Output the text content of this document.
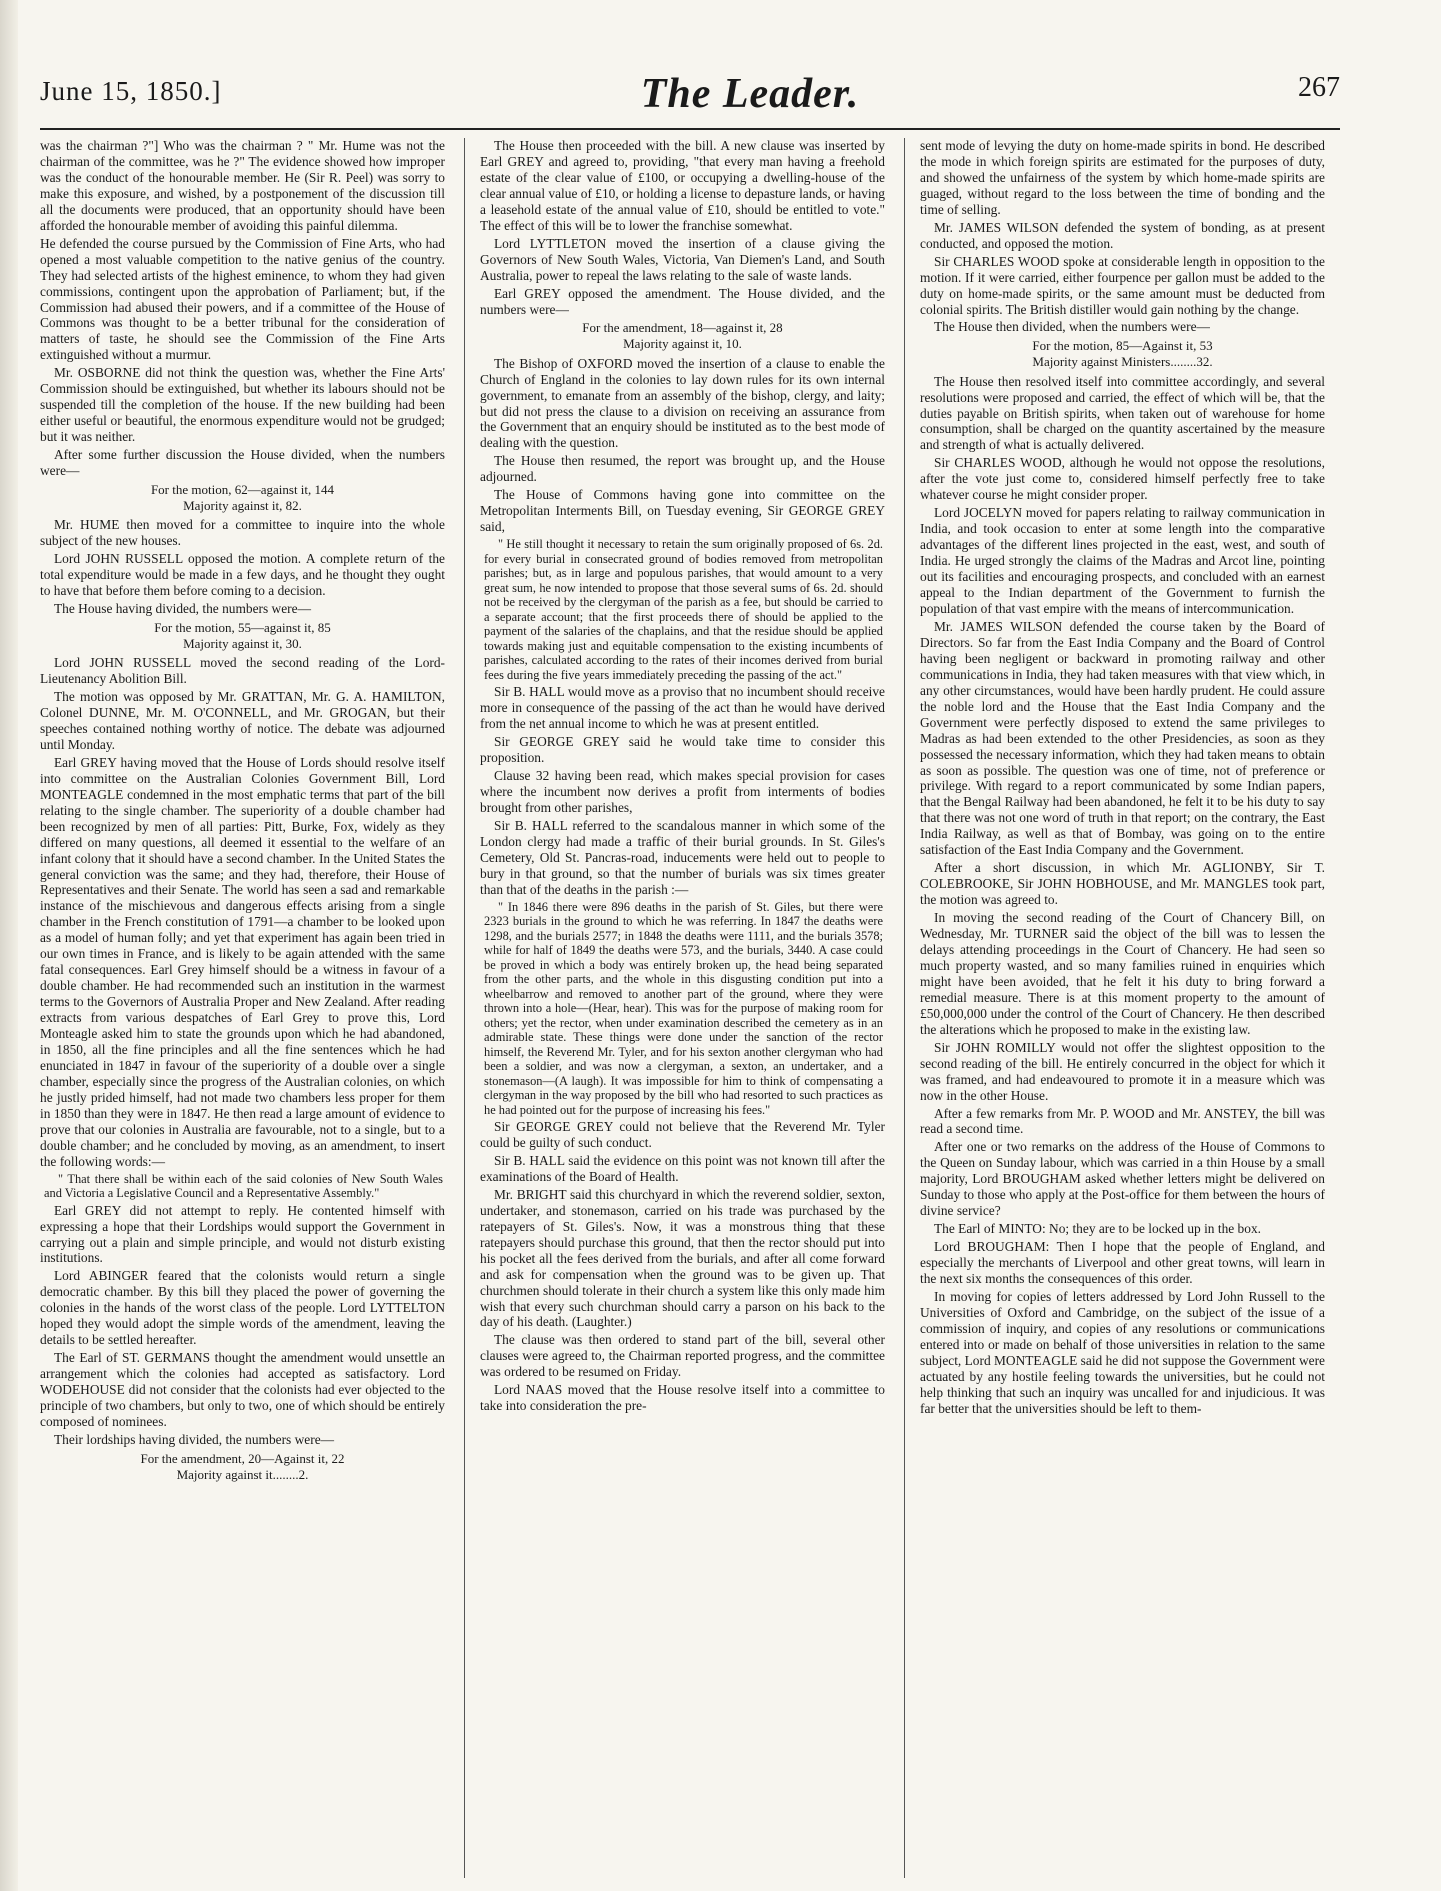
June 15, 1850.]	The Leader.	267

was the chairman ?"] Who was the chairman ? " Mr. Hume was not the chairman of the committee, was he ?" The evidence showed how improper was the conduct of the honourable member. He (Sir R. Peel) was sorry to make this exposure, and wished, by a postponement of the discussion till all the documents were produced, that an opportunity should have been afforded the honourable member of avoiding this painful dilemma.

He defended the course pursued by the Commission of Fine Arts, who had opened a most valuable competition to the native genius of the country. They had selected artists of the highest eminence, to whom they had given commissions, contingent upon the approbation of Parliament; but, if the Commission had abused their powers, and if a committee of the House of Commons was thought to be a better tribunal for the consideration of matters of taste, he should see the Commission of the Fine Arts extinguished without a murmur.

Mr. OSBORNE did not think the question was, whether the Fine Arts' Commission should be extinguished, but whether its labours should not be suspended till the completion of the house. If the new building had been either useful or beautiful, the enormous expenditure would not be grudged; but it was neither.

After some further discussion the House divided, when the numbers were—

For the motion, 62—against it, 144
Majority against it, 82.

Mr. HUME then moved for a committee to inquire into the whole subject of the new houses.

Lord JOHN RUSSELL opposed the motion. A complete return of the total expenditure would be made in a few days, and he thought they ought to have that before them before coming to a decision.

The House having divided, the numbers were—

For the motion, 55—against it, 85
Majority against it, 30.

Lord JOHN RUSSELL moved the second reading of the Lord-Lieutenancy Abolition Bill.

The motion was opposed by Mr. GRATTAN, Mr. G. A. HAMILTON, Colonel DUNNE, Mr. M. O'CONNELL, and Mr. GROGAN, but their speeches contained nothing worthy of notice. The debate was adjourned until Monday.

Earl GREY having moved that the House of Lords should resolve itself into committee on the Australian Colonies Government Bill, Lord MONTEAGLE condemned in the most emphatic terms that part of the bill relating to the single chamber. The superiority of a double chamber had been recognized by men of all parties: Pitt, Burke, Fox, widely as they differed on many questions, all deemed it essential to the welfare of an infant colony that it should have a second chamber. In the United States the general conviction was the same; and they had, therefore, their House of Representatives and their Senate. The world has seen a sad and remarkable instance of the mischievous and dangerous effects arising from a single chamber in the French constitution of 1791—a chamber to be looked upon as a model of human folly; and yet that experiment has again been tried in our own times in France, and is likely to be again attended with the same fatal consequences. Earl Grey himself should be a witness in favour of a double chamber. He had recommended such an institution in the warmest terms to the Governors of Australia Proper and New Zealand. After reading extracts from various despatches of Earl Grey to prove this, Lord Monteagle asked him to state the grounds upon which he had abandoned, in 1850, all the fine principles and all the fine sentences which he had enunciated in 1847 in favour of the superiority of a double over a single chamber, especially since the progress of the Australian colonies, on which he justly prided himself, had not made two chambers less proper for them in 1850 than they were in 1847. He then read a large amount of evidence to prove that our colonies in Australia are favourable, not to a single, but to a double chamber; and he concluded by moving, as an amendment, to insert the following words:—

" That there shall be within each of the said colonies of New South Wales and Victoria a Legislative Council and a Representative Assembly."

Earl GREY did not attempt to reply. He contented himself with expressing a hope that their Lordships would support the Government in carrying out a plain and simple principle, and would not disturb existing institutions.

Lord ABINGER feared that the colonists would return a single democratic chamber. By this bill they placed the power of governing the colonies in the hands of the worst class of the people. Lord LYTTELTON hoped they would adopt the simple words of the amendment, leaving the details to be settled hereafter.

The Earl of ST. GERMANS thought the amendment would unsettle an arrangement which the colonies had accepted as satisfactory. Lord WODEHOUSE did not consider that the colonists had ever objected to the principle of two chambers, but only to two, one of which should be entirely composed of nominees.

Their lordships having divided, the numbers were—

For the amendment, 20—Against it, 22
Majority against it........2.

The House then proceeded with the bill. A new clause was inserted by Earl GREY and agreed to, providing, "that every man having a freehold estate of the clear value of £100, or occupying a dwelling-house of the clear annual value of £10, or holding a license to depasture lands, or having a leasehold estate of the annual value of £10, should be entitled to vote." The effect of this will be to lower the franchise somewhat.

Lord LYTTLETON moved the insertion of a clause giving the Governors of New South Wales, Victoria, Van Diemen's Land, and South Australia, power to repeal the laws relating to the sale of waste lands.

Earl GREY opposed the amendment. The House divided, and the numbers were—

For the amendment, 18—against it, 28
Majority against it, 10.

The Bishop of OXFORD moved the insertion of a clause to enable the Church of England in the colonies to lay down rules for its own internal government, to emanate from an assembly of the bishop, clergy, and laity; but did not press the clause to a division on receiving an assurance from the Government that an enquiry should be instituted as to the best mode of dealing with the question.

The House then resumed, the report was brought up, and the House adjourned.

The House of Commons having gone into committee on the Metropolitan Interments Bill, on Tuesday evening, Sir GEORGE GREY said,

" He still thought it necessary to retain the sum originally proposed of 6s. 2d. for every burial in consecrated ground of bodies removed from metropolitan parishes; but, as in large and populous parishes, that would amount to a very great sum, he now intended to propose that those several sums of 6s. 2d. should not be received by the clergyman of the parish as a fee, but should be carried to a separate account; that the first proceeds there of should be applied to the payment of the salaries of the chaplains, and that the residue should be applied towards making just and equitable compensation to the existing incumbents of parishes, calculated according to the rates of their incomes derived from burial fees during the five years immediately preceding the passing of the act."

Sir B. HALL would move as a proviso that no incumbent should receive more in consequence of the passing of the act than he would have derived from the net annual income to which he was at present entitled.

Sir GEORGE GREY said he would take time to consider this proposition.

Clause 32 having been read, which makes special provision for cases where the incumbent now derives a profit from interments of bodies brought from other parishes,

Sir B. HALL referred to the scandalous manner in which some of the London clergy had made a traffic of their burial grounds. In St. Giles's Cemetery, Old St. Pancras-road, inducements were held out to people to bury in that ground, so that the number of burials was six times greater than that of the deaths in the parish :—

" In 1846 there were 896 deaths in the parish of St. Giles, but there were 2323 burials in the ground to which he was referring. In 1847 the deaths were 1298, and the burials 2577; in 1848 the deaths were 1111, and the burials 3578; while for half of 1849 the deaths were 573, and the burials, 3440. A case could be proved in which a body was entirely broken up, the head being separated from the other parts, and the whole in this disgusting condition put into a wheelbarrow and removed to another part of the ground, where they were thrown into a hole—(Hear, hear). This was for the purpose of making room for others; yet the rector, when under examination described the cemetery as in an admirable state. These things were done under the sanction of the rector himself, the Reverend Mr. Tyler, and for his sexton another clergyman who had been a soldier, and was now a clergyman, a sexton, an undertaker, and a stonemason—(A laugh). It was impossible for him to think of compensating a clergyman in the way proposed by the bill who had resorted to such practices as he had pointed out for the purpose of increasing his fees."

Sir GEORGE GREY could not believe that the Reverend Mr. Tyler could be guilty of such conduct.

Sir B. HALL said the evidence on this point was not known till after the examinations of the Board of Health.

Mr. BRIGHT said this churchyard in which the reverend soldier, sexton, undertaker, and stonemason, carried on his trade was purchased by the ratepayers of St. Giles's. Now, it was a monstrous thing that these ratepayers should purchase this ground, that then the rector should put into his pocket all the fees derived from the burials, and after all come forward and ask for compensation when the ground was to be given up. That churchmen should tolerate in their church a system like this only made him wish that every such churchman should carry a parson on his back to the day of his death. (Laughter.)

The clause was then ordered to stand part of the bill, several other clauses were agreed to, the Chairman reported progress, and the committee was ordered to be resumed on Friday.

Lord NAAS moved that the House resolve itself into a committee to take into consideration the pre-

sent mode of levying the duty on home-made spirits in bond. He described the mode in which foreign spirits are estimated for the purposes of duty, and showed the unfairness of the system by which home-made spirits are guaged, without regard to the loss between the time of bonding and the time of selling.

Mr. JAMES WILSON defended the system of bonding, as at present conducted, and opposed the motion.

Sir CHARLES WOOD spoke at considerable length in opposition to the motion. If it were carried, either fourpence per gallon must be added to the duty on home-made spirits, or the same amount must be deducted from colonial spirits. The British distiller would gain nothing by the change.

The House then divided, when the numbers were—

For the motion, 85—Against it, 53
Majority against Ministers........32.

The House then resolved itself into committee accordingly, and several resolutions were proposed and carried, the effect of which will be, that the duties payable on British spirits, when taken out of warehouse for home consumption, shall be charged on the quantity ascertained by the measure and strength of what is actually delivered.

Sir CHARLES WOOD, although he would not oppose the resolutions, after the vote just come to, considered himself perfectly free to take whatever course he might consider proper.

Lord JOCELYN moved for papers relating to railway communication in India, and took occasion to enter at some length into the comparative advantages of the different lines projected in the east, west, and south of India. He urged strongly the claims of the Madras and Arcot line, pointing out its facilities and encouraging prospects, and concluded with an earnest appeal to the Indian department of the Government to furnish the population of that vast empire with the means of intercommunication.

Mr. JAMES WILSON defended the course taken by the Board of Directors. So far from the East India Company and the Board of Control having been negligent or backward in promoting railway and other communications in India, they had taken measures with that view which, in any other circumstances, would have been hardly prudent. He could assure the noble lord and the House that the East India Company and the Government were perfectly disposed to extend the same privileges to Madras as had been extended to the other Presidencies, as soon as they possessed the necessary information, which they had taken means to obtain as soon as possible. The question was one of time, not of preference or privilege. With regard to a report communicated by some Indian papers, that the Bengal Railway had been abandoned, he felt it to be his duty to say that there was not one word of truth in that report; on the contrary, the East India Railway, as well as that of Bombay, was going on to the entire satisfaction of the East India Company and the Government.

After a short discussion, in which Mr. AGLIONBY, Sir T. COLEBROOKE, Sir JOHN HOBHOUSE, and Mr. MANGLES took part, the motion was agreed to.

In moving the second reading of the Court of Chancery Bill, on Wednesday, Mr. TURNER said the object of the bill was to lessen the delays attending proceedings in the Court of Chancery. He had seen so much property wasted, and so many families ruined in enquiries which might have been avoided, that he felt it his duty to bring forward a remedial measure. There is at this moment property to the amount of £50,000,000 under the control of the Court of Chancery. He then described the alterations which he proposed to make in the existing law.

Sir JOHN ROMILLY would not offer the slightest opposition to the second reading of the bill. He entirely concurred in the object for which it was framed, and had endeavoured to promote it in a measure which was now in the other House.

After a few remarks from Mr. P. WOOD and Mr. ANSTEY, the bill was read a second time.

After one or two remarks on the address of the House of Commons to the Queen on Sunday labour, which was carried in a thin House by a small majority, Lord BROUGHAM asked whether letters might be delivered on Sunday to those who apply at the Post-office for them between the hours of divine service?

The Earl of MINTO: No; they are to be locked up in the box.

Lord BROUGHAM: Then I hope that the people of England, and especially the merchants of Liverpool and other great towns, will learn in the next six months the consequences of this order.

In moving for copies of letters addressed by Lord John Russell to the Universities of Oxford and Cambridge, on the subject of the issue of a commission of inquiry, and copies of any resolutions or communications entered into or made on behalf of those universities in relation to the same subject, Lord MONTEAGLE said he did not suppose the Government were actuated by any hostile feeling towards the universities, but he could not help thinking that such an inquiry was uncalled for and injudicious. It was far better that the universities should be left to them-
